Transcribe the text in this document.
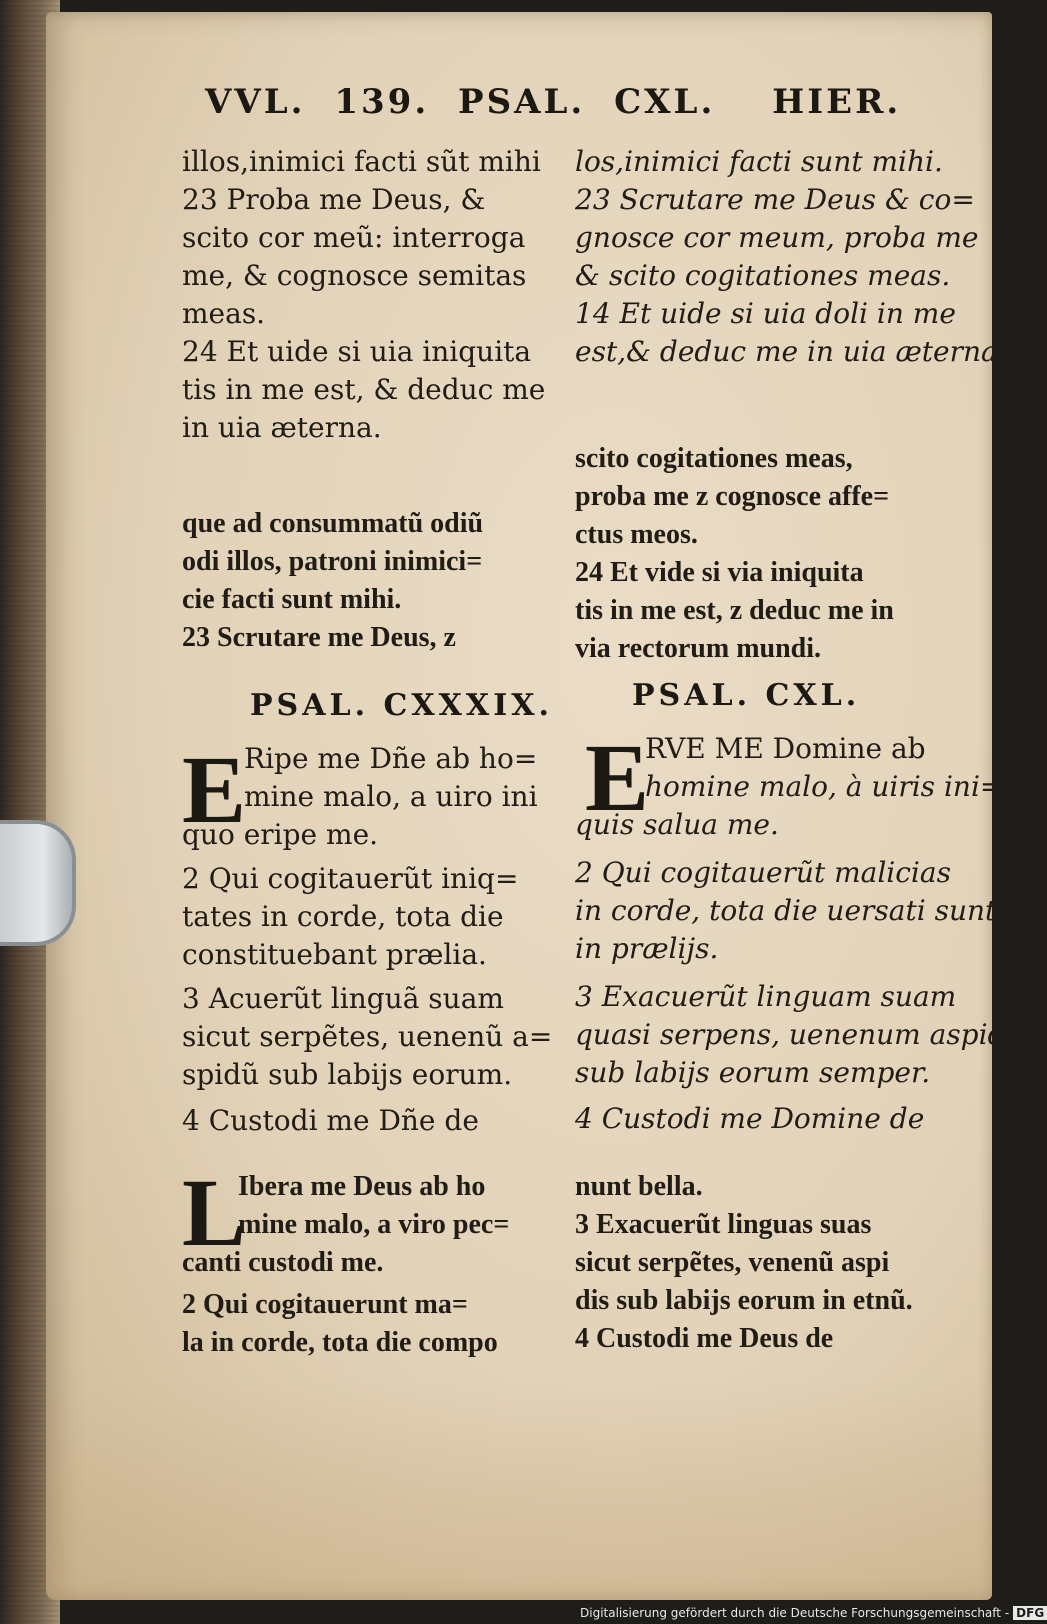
VVL. 139. PSAL. CXL. HIER.
illos,inimici facti sũt mihi
23 Proba me Deus, &
scito cor meũ: interroga
me, & cognosce semitas
meas.
24 Et uide si uia iniquita
tis in me est, & deduc me
in uia æterna.
los,inimici facti sunt mihi.
23 Scrutare me Deus & co=
gnosce cor meum, proba me
& scito cogitationes meas.
14 Et uide si uia doli in me
est,& deduc me in uia æterna.
que ad consummatũ odiũ
odi illos, patroni inimici=
cie facti sunt mihi.
23 Scrutare me Deus, z
scito cogitationes meas,
proba me z cognosce affe=
ctus meos.
24 Et vide si via iniquita
tis in me est, z deduc me in
via rectorum mundi.
PSAL. CXXXIX.	PSAL. CXL.
E
Ripe me Dñe ab ho=
mine malo, a uiro ini
quo eripe me.
2 Qui cogitauerũt iniq=
tates in corde, tota die
constituebant prælia.
3 Acuerũt linguã suam
sicut serpẽtes, uenenũ a=
spidũ sub labijs eorum.
4 Custodi me Dñe de
E
RVE ME Domine ab
homine malo, à uiris ini=
quis salua me.
2 Qui cogitauerũt malicias
in corde, tota die uersati sunt
in prælijs.
3 Exacuerũt linguam suam
quasi serpens, uenenum aspidis
sub labijs eorum semper.
4 Custodi me Domine de
L
Ibera me Deus ab ho
mine malo, a viro pec=
canti custodi me.
2 Qui cogitauerunt ma=
la in corde, tota die compo
nunt bella.
3 Exacuerũt linguas suas
sicut serpẽtes, venenũ aspi
dis sub labijs eorum in etnũ.
4 Custodi me Deus de
Digitalisierung gefördert durch die Deutsche Forschungsgemeinschaft - DFG
